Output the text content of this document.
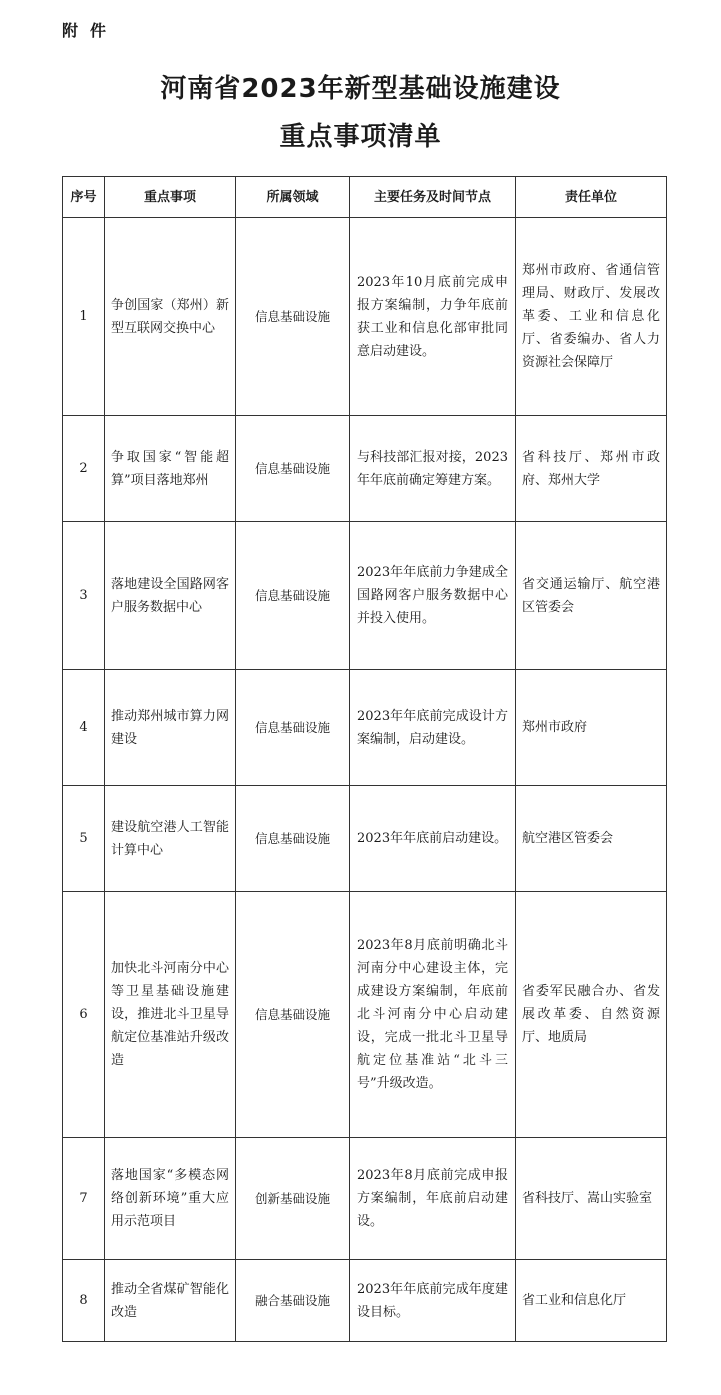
附件
河南省2023年新型基础设施建设
重点事项清单
序号	重点事项	所属领域	主要任务及时间节点	责任单位
1	争创国家（郑州）新型互联网交换中心	信息基础设施	2023年10月底前完成申报方案编制，力争年底前获工业和信息化部审批同意启动建设。	郑州市政府、省通信管理局、财政厅、发展改革委、工业和信息化厅、省委编办、省人力资源社会保障厅
2	争取国家“智能超算”项目落地郑州	信息基础设施	与科技部汇报对接，2023年年底前确定筹建方案。	省科技厅、郑州市政府、郑州大学
3	落地建设全国路网客户服务数据中心	信息基础设施	2023年年底前力争建成全国路网客户服务数据中心并投入使用。	省交通运输厅、航空港区管委会
4	推动郑州城市算力网建设	信息基础设施	2023年年底前完成设计方案编制，启动建设。	郑州市政府
5	建设航空港人工智能计算中心	信息基础设施	2023年年底前启动建设。	航空港区管委会
6	加快北斗河南分中心等卫星基础设施建设，推进北斗卫星导航定位基准站升级改造	信息基础设施	2023年8月底前明确北斗河南分中心建设主体，完成建设方案编制，年底前北斗河南分中心启动建设，完成一批北斗卫星导航定位基准站“北斗三号”升级改造。	省委军民融合办、省发展改革委、自然资源厅、地质局
7	落地国家“多模态网络创新环境”重大应用示范项目	创新基础设施	2023年8月底前完成申报方案编制，年底前启动建设。	省科技厅、嵩山实验室
8	推动全省煤矿智能化改造	融合基础设施	2023年年底前完成年度建设目标。	省工业和信息化厅
